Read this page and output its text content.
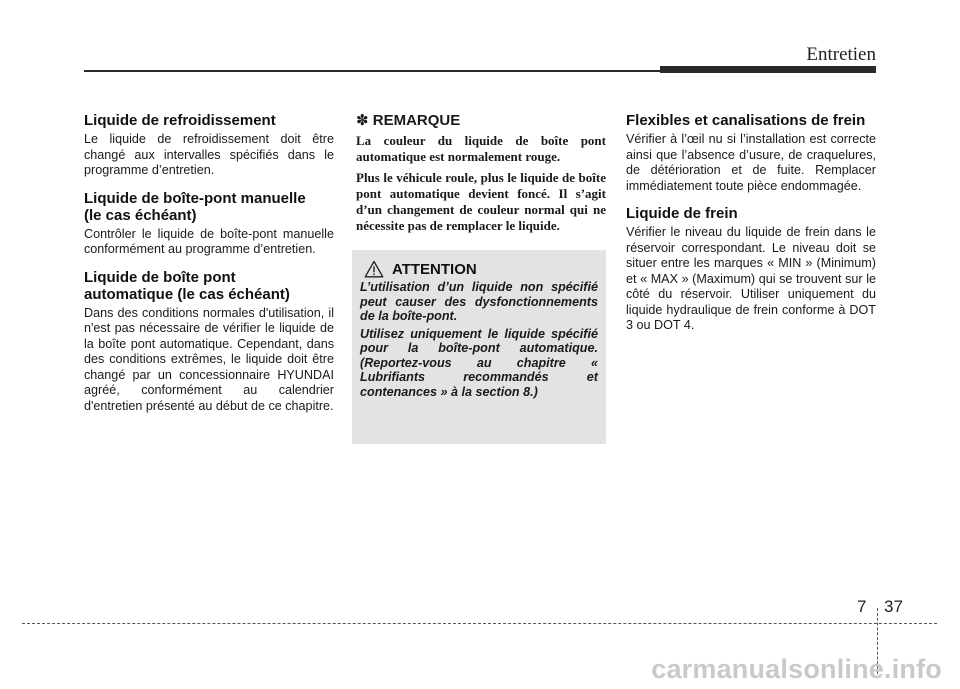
Entretien
Liquide de refroidissement

Le liquide de refroidissement doit être changé aux intervalles spécifiés dans le programme d’entretien.

Liquide de boîte-pont manuelle
(le cas échéant)

Contrôler le liquide de boîte-pont manuelle conformément au programme d’entretien.

Liquide de boîte pont
automatique (le cas échéant)

Dans des conditions normales d'utilisation, il n'est pas nécessaire de vérifier le liquide de la boîte pont automatique. Cependant, dans des conditions extrêmes, le liquide doit être changé par un concessionnaire HYUNDAI agréé, conformément au calendrier d'entretien présenté au début de ce chapitre.

✽ REMARQUE

La couleur du liquide de boîte pont automatique est normalement rouge.

Plus le véhicule roule, plus le liquide de boîte pont automatique devient foncé. Il s’agit d’un changement de couleur normal qui ne nécessite pas de remplacer le liquide.

ATTENTION

L’utilisation d’un liquide non spécifié peut causer des dysfonctionnements de la boîte-pont.

Utilisez uniquement le liquide spécifié pour la boîte-pont automatique. (Reportez-vous au chapitre « Lubrifiants recommandés et contenances » à la section 8.)

Flexibles et canalisations de frein

Vérifier à l’œil nu si l’installation est correcte ainsi que l’absence d’usure, de craquelures, de détérioration et de fuite. Remplacer immédiatement toute pièce endommagée.

Liquide de frein

Vérifier le niveau du liquide de frein dans le réservoir correspondant. Le niveau doit se situer entre les marques « MIN » (Minimum) et « MAX » (Maximum) qui se trouvent sur le côté du réservoir. Utiliser uniquement du liquide hydraulique de frein conforme à DOT 3 ou DOT 4.

7 37
carmanualsonline.info
